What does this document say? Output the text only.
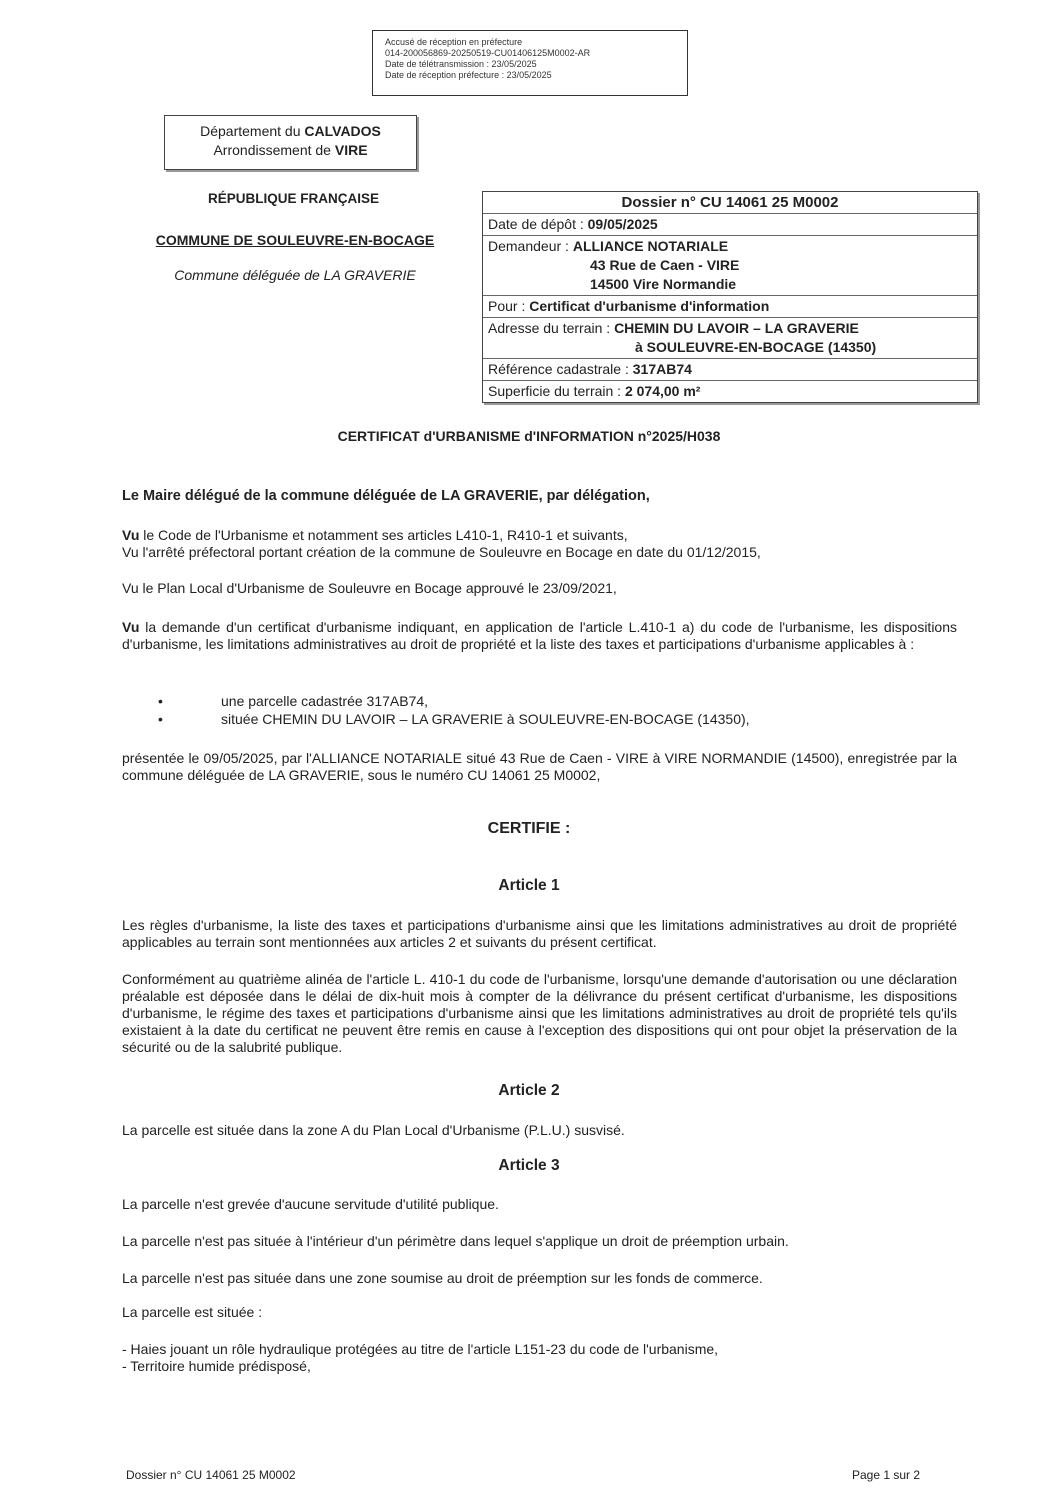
Accusé de réception en préfecture
014-200056869-20250519-CU01406125M0002-AR
Date de télétransmission : 23/05/2025
Date de réception préfecture : 23/05/2025
Département du CALVADOS
Arrondissement de VIRE
RÉPUBLIQUE FRANÇAISE
COMMUNE DE SOULEUVRE-EN-BOCAGE
Commune déléguée de LA GRAVERIE
Dossier n° CU 14061 25 M0002
Date de dépôt : 09/05/2025
Demandeur : ALLIANCE NOTARIALE
43 Rue de Caen - VIRE
14500 Vire Normandie
Pour : Certificat d'urbanisme d'information
Adresse du terrain : CHEMIN DU LAVOIR – LA GRAVERIE
à SOULEUVRE-EN-BOCAGE (14350)
Référence cadastrale : 317AB74
Superficie du terrain : 2 074,00 m²
CERTIFICAT d'URBANISME d'INFORMATION n°2025/H038
Le Maire délégué de la commune déléguée de LA GRAVERIE, par délégation,
Vu le Code de l'Urbanisme et notamment ses articles L410-1, R410-1 et suivants,
Vu l'arrêté préfectoral portant création de la commune de Souleuvre en Bocage en date du 01/12/2015,
Vu le Plan Local d'Urbanisme de Souleuvre en Bocage approuvé le 23/09/2021,
Vu la demande d'un certificat d'urbanisme indiquant, en application de l'article L.410-1 a) du code de l'urbanisme, les dispositions d'urbanisme, les limitations administratives au droit de propriété et la liste des taxes et participations d'urbanisme applicables à :
•	une parcelle cadastrée 317AB74,
•	située CHEMIN DU LAVOIR – LA GRAVERIE à SOULEUVRE-EN-BOCAGE (14350),
présentée le 09/05/2025, par l'ALLIANCE NOTARIALE situé 43 Rue de Caen - VIRE à VIRE NORMANDIE (14500), enregistrée par la commune déléguée de LA GRAVERIE, sous le numéro CU 14061 25 M0002,
CERTIFIE :
Article 1
Les règles d'urbanisme, la liste des taxes et participations d'urbanisme ainsi que les limitations administratives au droit de propriété applicables au terrain sont mentionnées aux articles 2 et suivants du présent certificat.
Conformément au quatrième alinéa de l'article L. 410-1 du code de l'urbanisme, lorsqu'une demande d'autorisation ou une déclaration préalable est déposée dans le délai de dix-huit mois à compter de la délivrance du présent certificat d'urbanisme, les dispositions d'urbanisme, le régime des taxes et participations d'urbanisme ainsi que les limitations administratives au droit de propriété tels qu'ils existaient à la date du certificat ne peuvent être remis en cause à l'exception des dispositions qui ont pour objet la préservation de la sécurité ou de la salubrité publique.
Article 2
La parcelle est située dans la zone A du Plan Local d'Urbanisme (P.L.U.) susvisé.
Article 3
La parcelle n'est grevée d'aucune servitude d'utilité publique.
La parcelle n'est pas située à l'intérieur d'un périmètre dans lequel s'applique un droit de préemption urbain.
La parcelle n'est pas située dans une zone soumise au droit de préemption sur les fonds de commerce.
La parcelle est située :
- Haies jouant un rôle hydraulique protégées au titre de l'article L151-23 du code de l'urbanisme,
- Territoire humide prédisposé,
Dossier n° CU 14061 25 M0002	Page 1 sur 2
